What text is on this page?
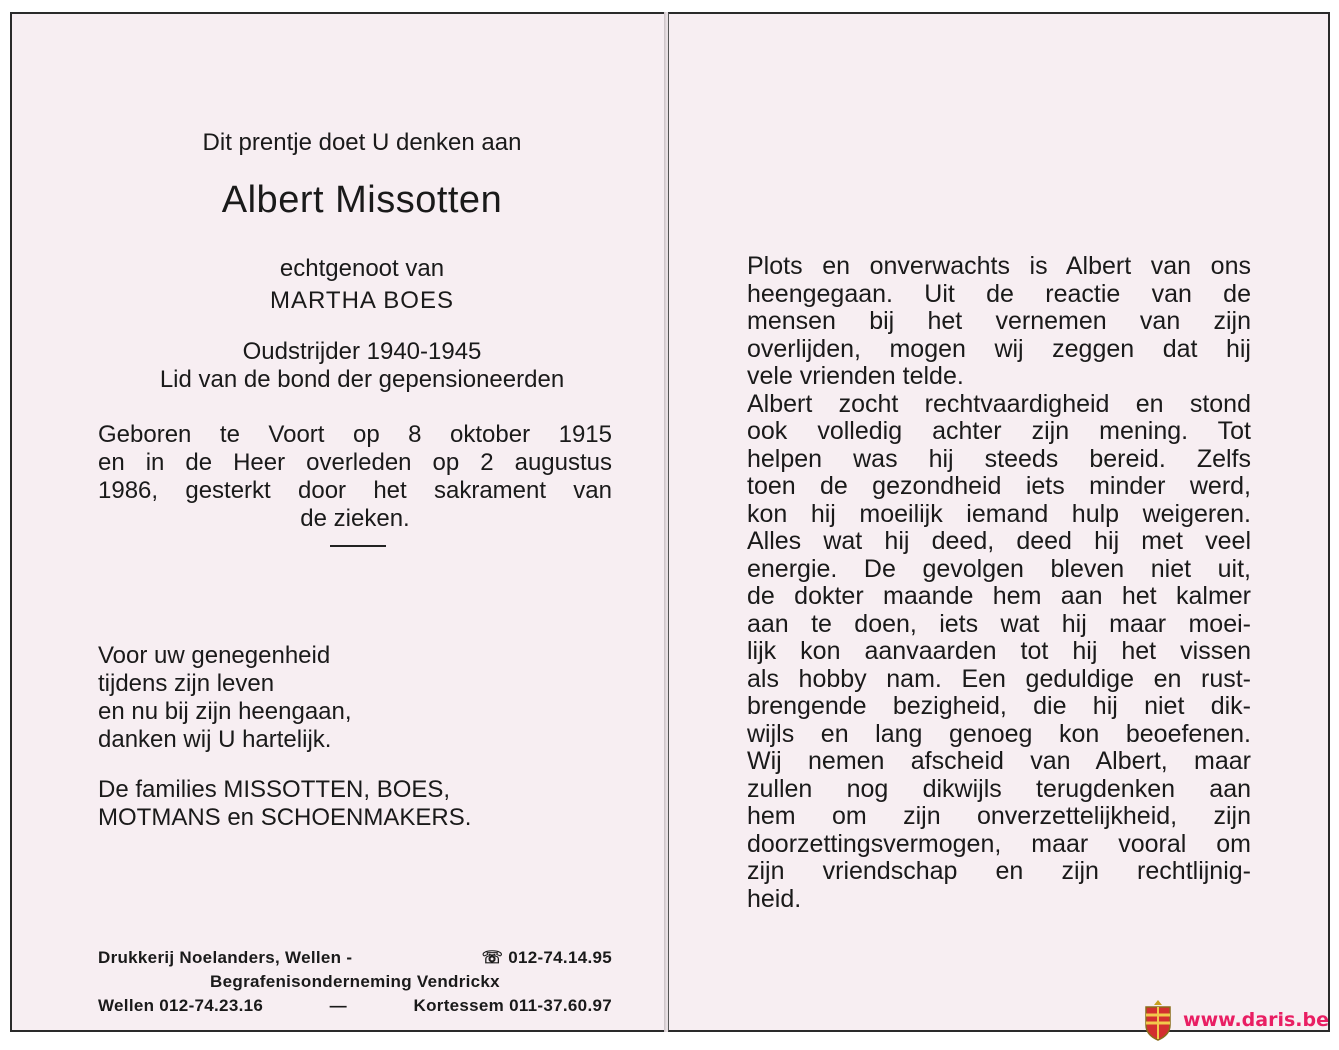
Dit prentje doet U denken aan
Albert Missotten
echtgenoot van
MARTHA BOES
Oudstrijder 1940-1945
Lid van de bond der gepensioneerden
Geboren te Voort op 8 oktober 1915
en in de Heer overleden op 2 augustus
1986, gesterkt door het sakrament van
de zieken.
Voor uw genegenheid
tijdens zijn leven
en nu bij zijn heengaan,
danken wij U hartelijk.
De families MISSOTTEN, BOES,
MOTMANS en SCHOENMAKERS.
Drukkerij Noelanders, Wellen -	☏ 012-74.14.95
Begrafenisonderneming Vendrickx
Wellen 012-74.23.16	—	Kortessem 011-37.60.97
Plots en onverwachts is Albert van ons
heengegaan. Uit de reactie van de
mensen bij het vernemen van zijn
overlijden, mogen wij zeggen dat hij
vele vrienden telde.
Albert zocht rechtvaardigheid en stond
ook volledig achter zijn mening. Tot
helpen was hij steeds bereid. Zelfs
toen de gezondheid iets minder werd,
kon hij moeilijk iemand hulp weigeren.
Alles wat hij deed, deed hij met veel
energie. De gevolgen bleven niet uit,
de dokter maande hem aan het kalmer
aan te doen, iets wat hij maar moei-
lijk kon aanvaarden tot hij het vissen
als hobby nam. Een geduldige en rust-
brengende bezigheid, die hij niet dik-
wijls en lang genoeg kon beoefenen.
Wij nemen afscheid van Albert, maar
zullen nog dikwijls terugdenken aan
hem om zijn onverzettelijkheid, zijn
doorzettingsvermogen, maar vooral om
zijn vriendschap en zijn rechtlijnig-
heid.
www.daris.be
